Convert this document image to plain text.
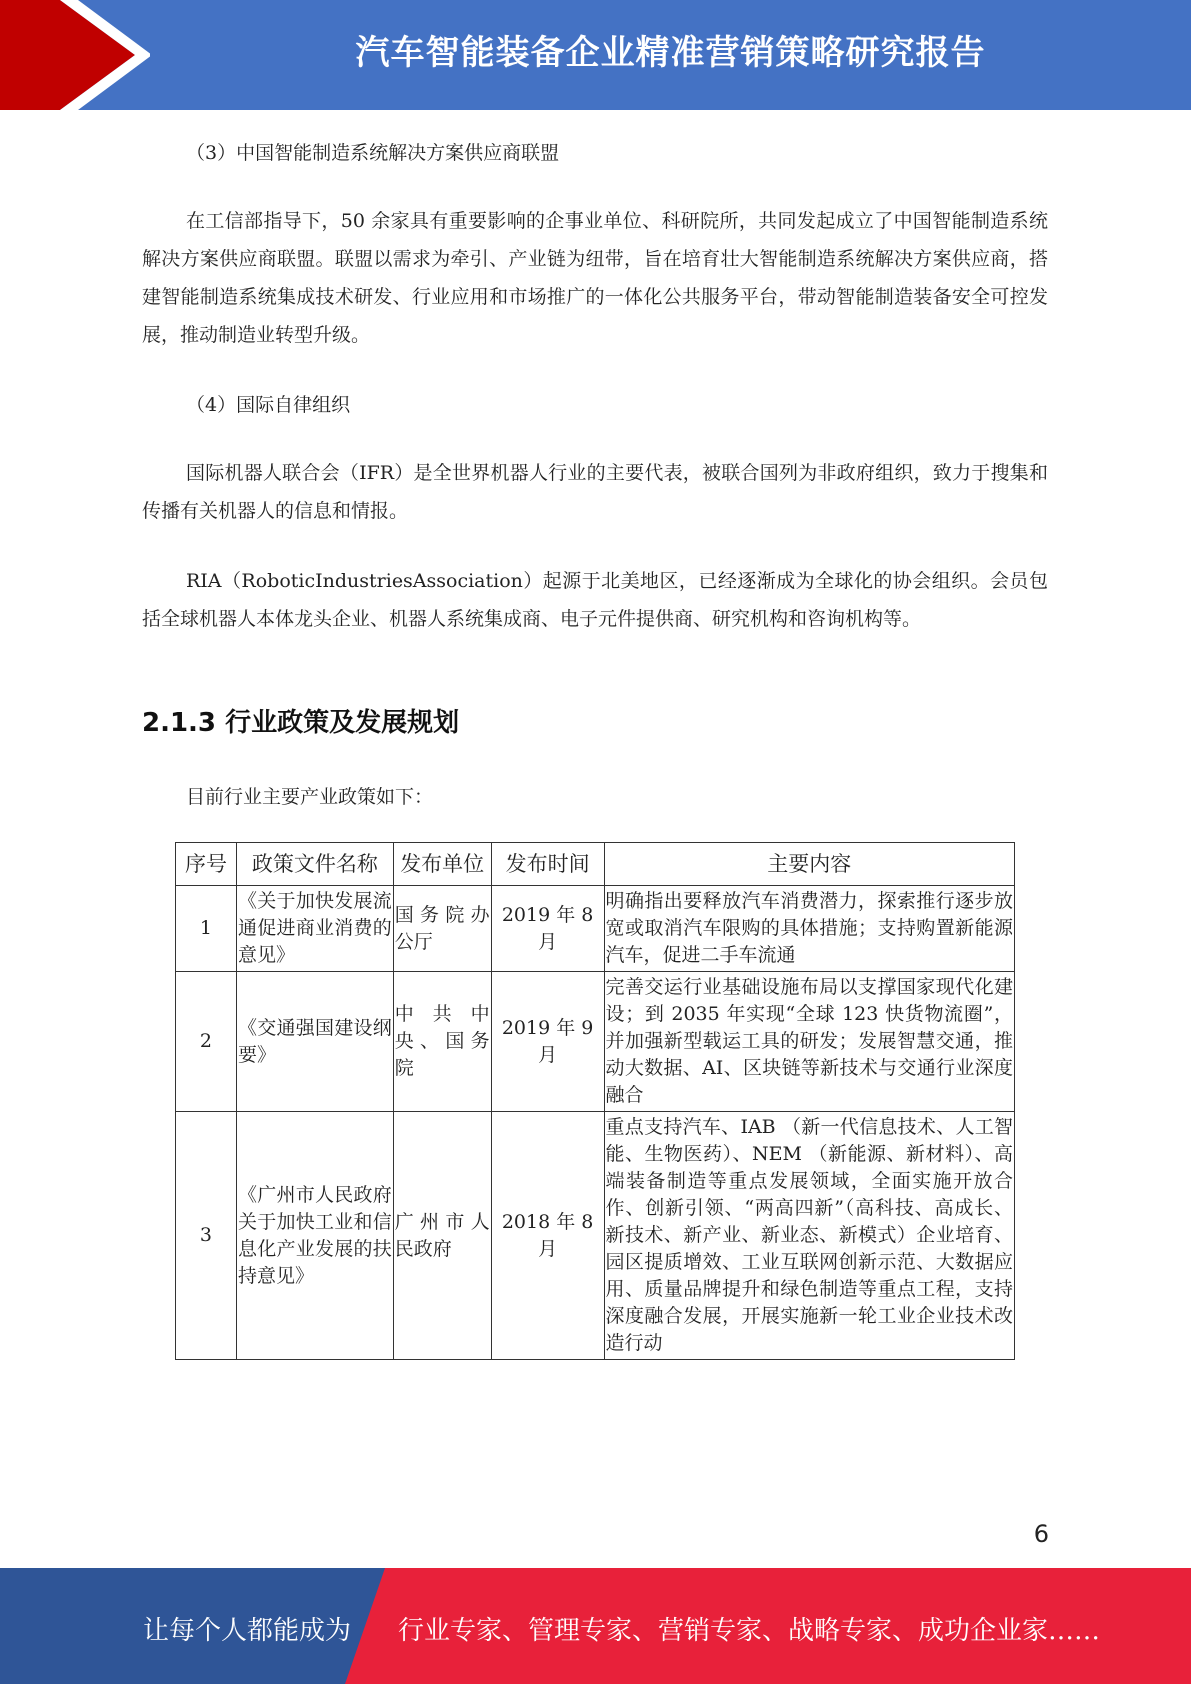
汽车智能装备企业精准营销策略研究报告

（3）中国智能制造系统解决方案供应商联盟

在工信部指导下，50 余家具有重要影响的企事业单位、科研院所，共同发起成立了中国智能制造系统解决方案供应商联盟。联盟以需求为牵引、产业链为纽带，旨在培育壮大智能制造系统解决方案供应商，搭建智能制造系统集成技术研发、行业应用和市场推广的一体化公共服务平台，带动智能制造装备安全可控发展，推动制造业转型升级。

（4）国际自律组织

国际机器人联合会（IFR）是全世界机器人行业的主要代表，被联合国列为非政府组织，致力于搜集和传播有关机器人的信息和情报。

RIA（RoboticIndustriesAssociation）起源于北美地区，已经逐渐成为全球化的协会组织。会员包括全球机器人本体龙头企业、机器人系统集成商、电子元件提供商、研究机构和咨询机构等。

2.1.3 行业政策及发展规划

目前行业主要产业政策如下：

序号	政策文件名称	发布单位	发布时间	主要内容
1	《关于加快发展流通促进商业消费的意见》	国务院办公厅	2019 年 8 月	明确指出要释放汽车消费潜力，探索推行逐步放宽或取消汽车限购的具体措施；支持购置新能源汽车，促进二手车流通
2	《交通强国建设纲要》	中共中央、国务院	2019 年 9 月	完善交运行业基础设施布局以支撑国家现代化建设；到 2035 年实现“全球 123 快货物流圈”，并加强新型载运工具的研发；发展智慧交通，推动大数据、AI、区块链等新技术与交通行业深度融合
3	《广州市人民政府关于加快工业和信息化产业发展的扶持意见》	广州市人民政府	2018 年 8 月	重点支持汽车、IAB （新一代信息技术、人工智能、生物医药）、NEM （新能源、新材料）、高端装备制造等重点发展领域，全面实施开放合作、创新引领、“两高四新”（高科技、高成长、新技术、新产业、新业态、新模式）企业培育、园区提质增效、工业互联网创新示范、大数据应用、质量品牌提升和绿色制造等重点工程，支持深度融合发展，开展实施新一轮工业企业技术改造行动
6
让每个人都能成为 行业专家、管理专家、营销专家、战略专家、成功企业家……
